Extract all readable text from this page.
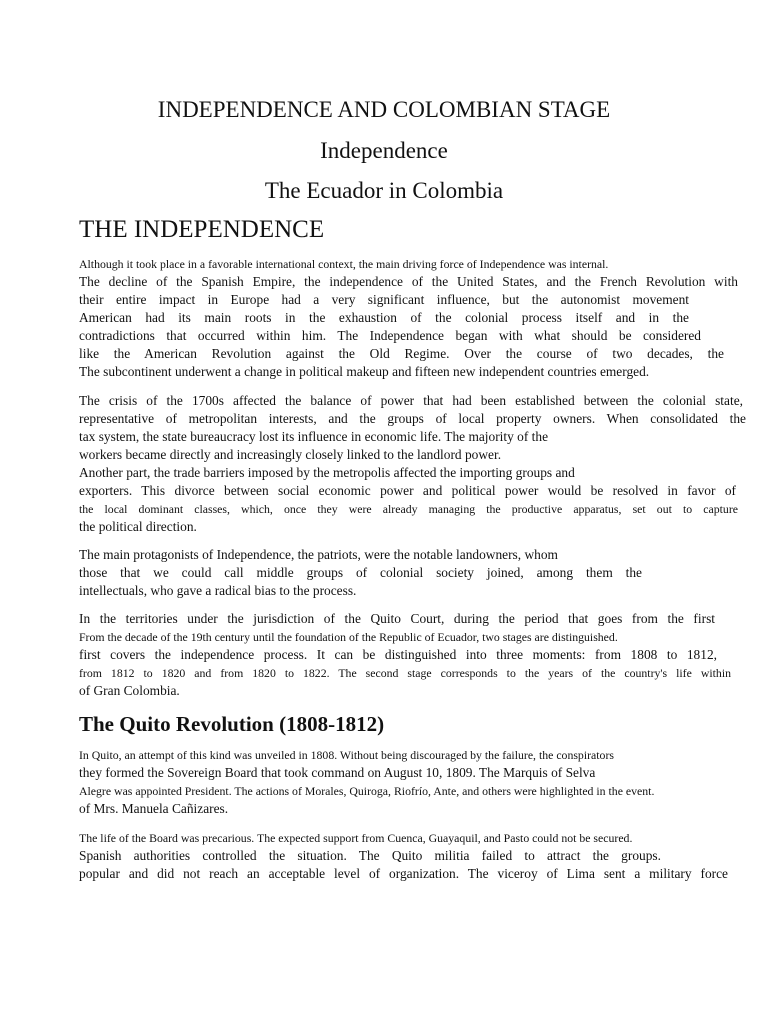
INDEPENDENCE AND COLOMBIAN STAGE
Independence
The Ecuador in Colombia
THE INDEPENDENCE
Although it took place in a favorable international context, the main driving force of Independence was internal.
The decline of the Spanish Empire, the independence of the United States, and the French Revolution with
their entire impact in Europe had a very significant influence, but the autonomist movement
American had its main roots in the exhaustion of the colonial process itself and in the
contradictions that occurred within him. The Independence began with what should be considered
like the American Revolution against the Old Regime. Over the course of two decades, the
The subcontinent underwent a change in political makeup and fifteen new independent countries emerged.
The crisis of the 1700s affected the balance of power that had been established between the colonial state,
representative of metropolitan interests, and the groups of local property owners. When consolidated the
tax system, the state bureaucracy lost its influence in economic life. The majority of the
workers became directly and increasingly closely linked to the landlord power.
Another part, the trade barriers imposed by the metropolis affected the importing groups and
exporters. This divorce between social economic power and political power would be resolved in favor of
the local dominant classes, which, once they were already managing the productive apparatus, set out to capture
the political direction.
The main protagonists of Independence, the patriots, were the notable landowners, whom
those that we could call middle groups of colonial society joined, among them the
intellectuals, who gave a radical bias to the process.
In the territories under the jurisdiction of the Quito Court, during the period that goes from the first
From the decade of the 19th century until the foundation of the Republic of Ecuador, two stages are distinguished.
first covers the independence process. It can be distinguished into three moments: from 1808 to 1812,
from 1812 to 1820 and from 1820 to 1822. The second stage corresponds to the years of the country's life within
of Gran Colombia.
The Quito Revolution (1808-1812)
In Quito, an attempt of this kind was unveiled in 1808. Without being discouraged by the failure, the conspirators
they formed the Sovereign Board that took command on August 10, 1809. The Marquis of Selva
Alegre was appointed President. The actions of Morales, Quiroga, Riofrío, Ante, and others were highlighted in the event.
of Mrs. Manuela Cañizares.
The life of the Board was precarious. The expected support from Cuenca, Guayaquil, and Pasto could not be secured.
Spanish authorities controlled the situation. The Quito militia failed to attract the groups.
popular and did not reach an acceptable level of organization. The viceroy of Lima sent a military force
